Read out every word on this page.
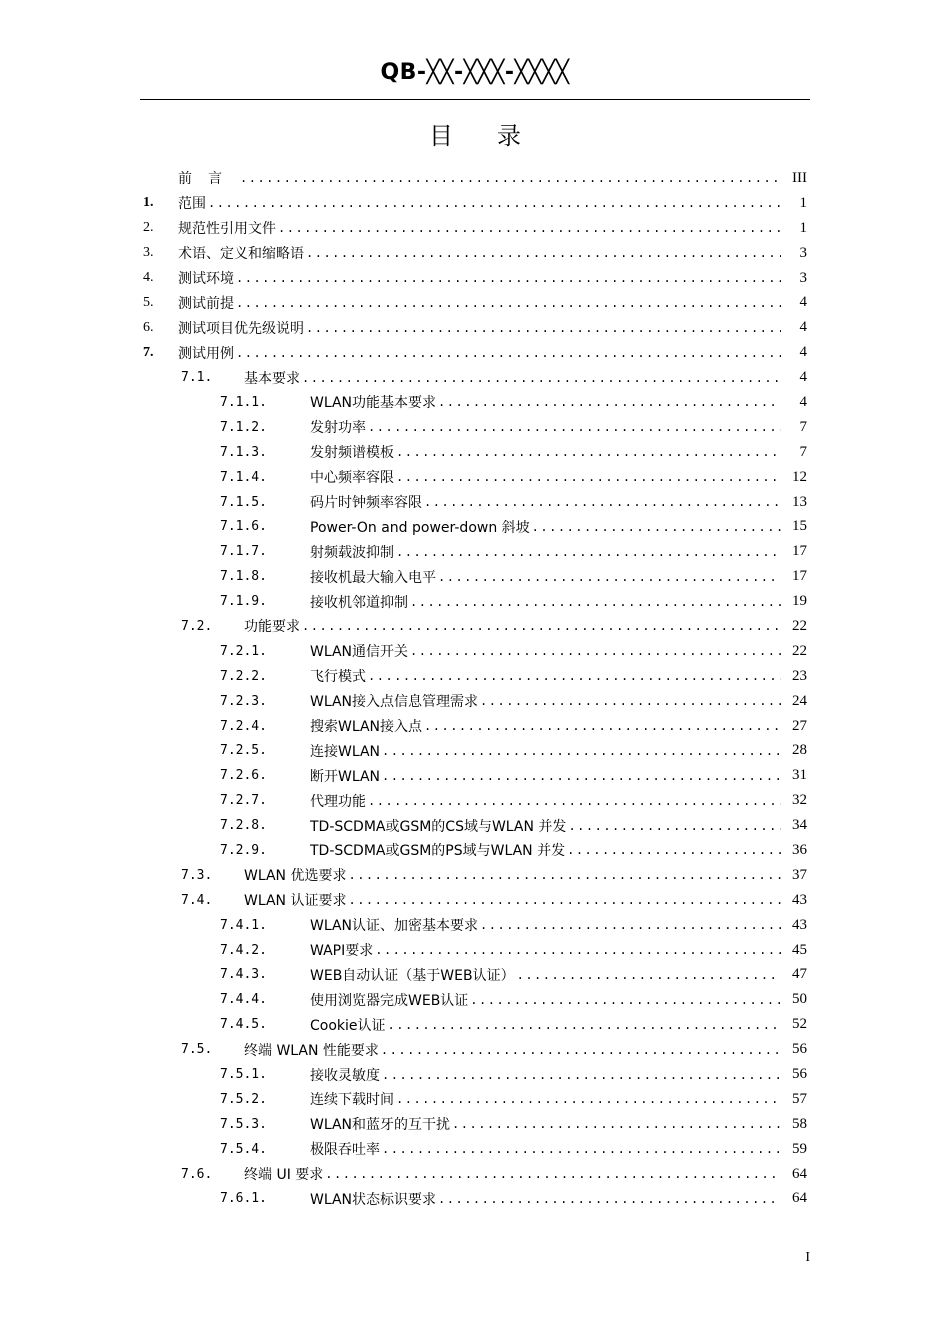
QB-╳╳-╳╳╳-╳╳╳╳
目录
前言 .....	III
1.	范围 .....	1
2.	规范性引用文件 .....	1
3.	术语、定义和缩略语 .....	3
4.	测试环境 .....	3
5.	测试前提 .....	4
6.	测试项目优先级说明 .....	4
7.	测试用例 .....	4
7.1.	基本要求 .....	4
7.1.1.	WLAN功能基本要求 .....	4
7.1.2.	发射功率 .....	7
7.1.3.	发射频谱模板 .....	7
7.1.4.	中心频率容限 .....	12
7.1.5.	码片时钟频率容限 .....	13
7.1.6.	Power-On and power-down 斜坡 .....	15
7.1.7.	射频载波抑制 .....	17
7.1.8.	接收机最大输入电平 .....	17
7.1.9.	接收机邻道抑制 .....	19
7.2.	功能要求 .....	22
7.2.1.	WLAN通信开关 .....	22
7.2.2.	飞行模式 .....	23
7.2.3.	WLAN接入点信息管理需求 .....	24
7.2.4.	搜索WLAN接入点 .....	27
7.2.5.	连接WLAN .....	28
7.2.6.	断开WLAN .....	31
7.2.7.	代理功能 .....	32
7.2.8.	TD-SCDMA或GSM的CS域与WLAN 并发 .....	34
7.2.9.	TD-SCDMA或GSM的PS域与WLAN 并发 .....	36
7.3.	WLAN 优选要求 .....	37
7.4.	WLAN 认证要求 .....	43
7.4.1.	WLAN认证、加密基本要求 .....	43
7.4.2.	WAPI要求 .....	45
7.4.3.	WEB自动认证（基于WEB认证） .....	47
7.4.4.	使用浏览器完成WEB认证 .....	50
7.4.5.	Cookie认证 .....	52
7.5.	终端 WLAN 性能要求 .....	56
7.5.1.	接收灵敏度 .....	56
7.5.2.	连续下载时间 .....	57
7.5.3.	WLAN和蓝牙的互干扰 .....	58
7.5.4.	极限吞吐率 .....	59
7.6.	终端 UI 要求 .....	64
7.6.1.	WLAN状态标识要求 .....	64
I
